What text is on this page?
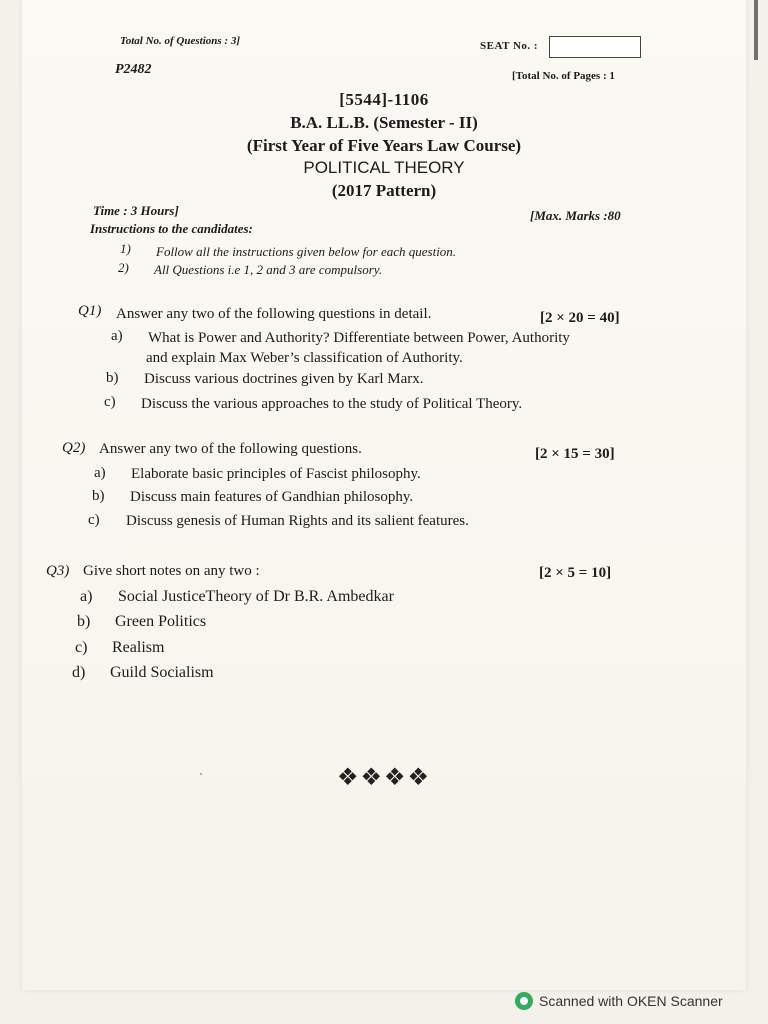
Total No. of Questions : 3]	SEAT No. :
P2482	[Total No. of Pages : 1
[5544]-1106
B.A. LL.B. (Semester - II)
(First Year of Five Years Law Course)
POLITICAL THEORY
(2017 Pattern)
Time : 3 Hours]	[Max. Marks :80
Instructions to the candidates:
1) Follow all the instructions given below for each question.
2) All Questions i.e 1, 2 and 3 are compulsory.
Q1) Answer any two of the following questions in detail.	[2 × 20 = 40]
a) What is Power and Authority? Differentiate between Power, Authority
and explain Max Weber’s classification of Authority.
b) Discuss various doctrines given by Karl Marx.
c) Discuss the various approaches to the study of Political Theory.
Q2) Answer any two of the following questions.	[2 × 15 = 30]
a) Elaborate basic principles of Fascist philosophy.
b) Discuss main features of Gandhian philosophy.
c) Discuss genesis of Human Rights and its salient features.
Q3) Give short notes on any two :	[2 × 5 = 10]
a) Social JusticeTheory of Dr B.R. Ambedkar
b) Green Politics
c) Realism
d) Guild Socialism
❖❖❖❖
Scanned with OKEN Scanner
